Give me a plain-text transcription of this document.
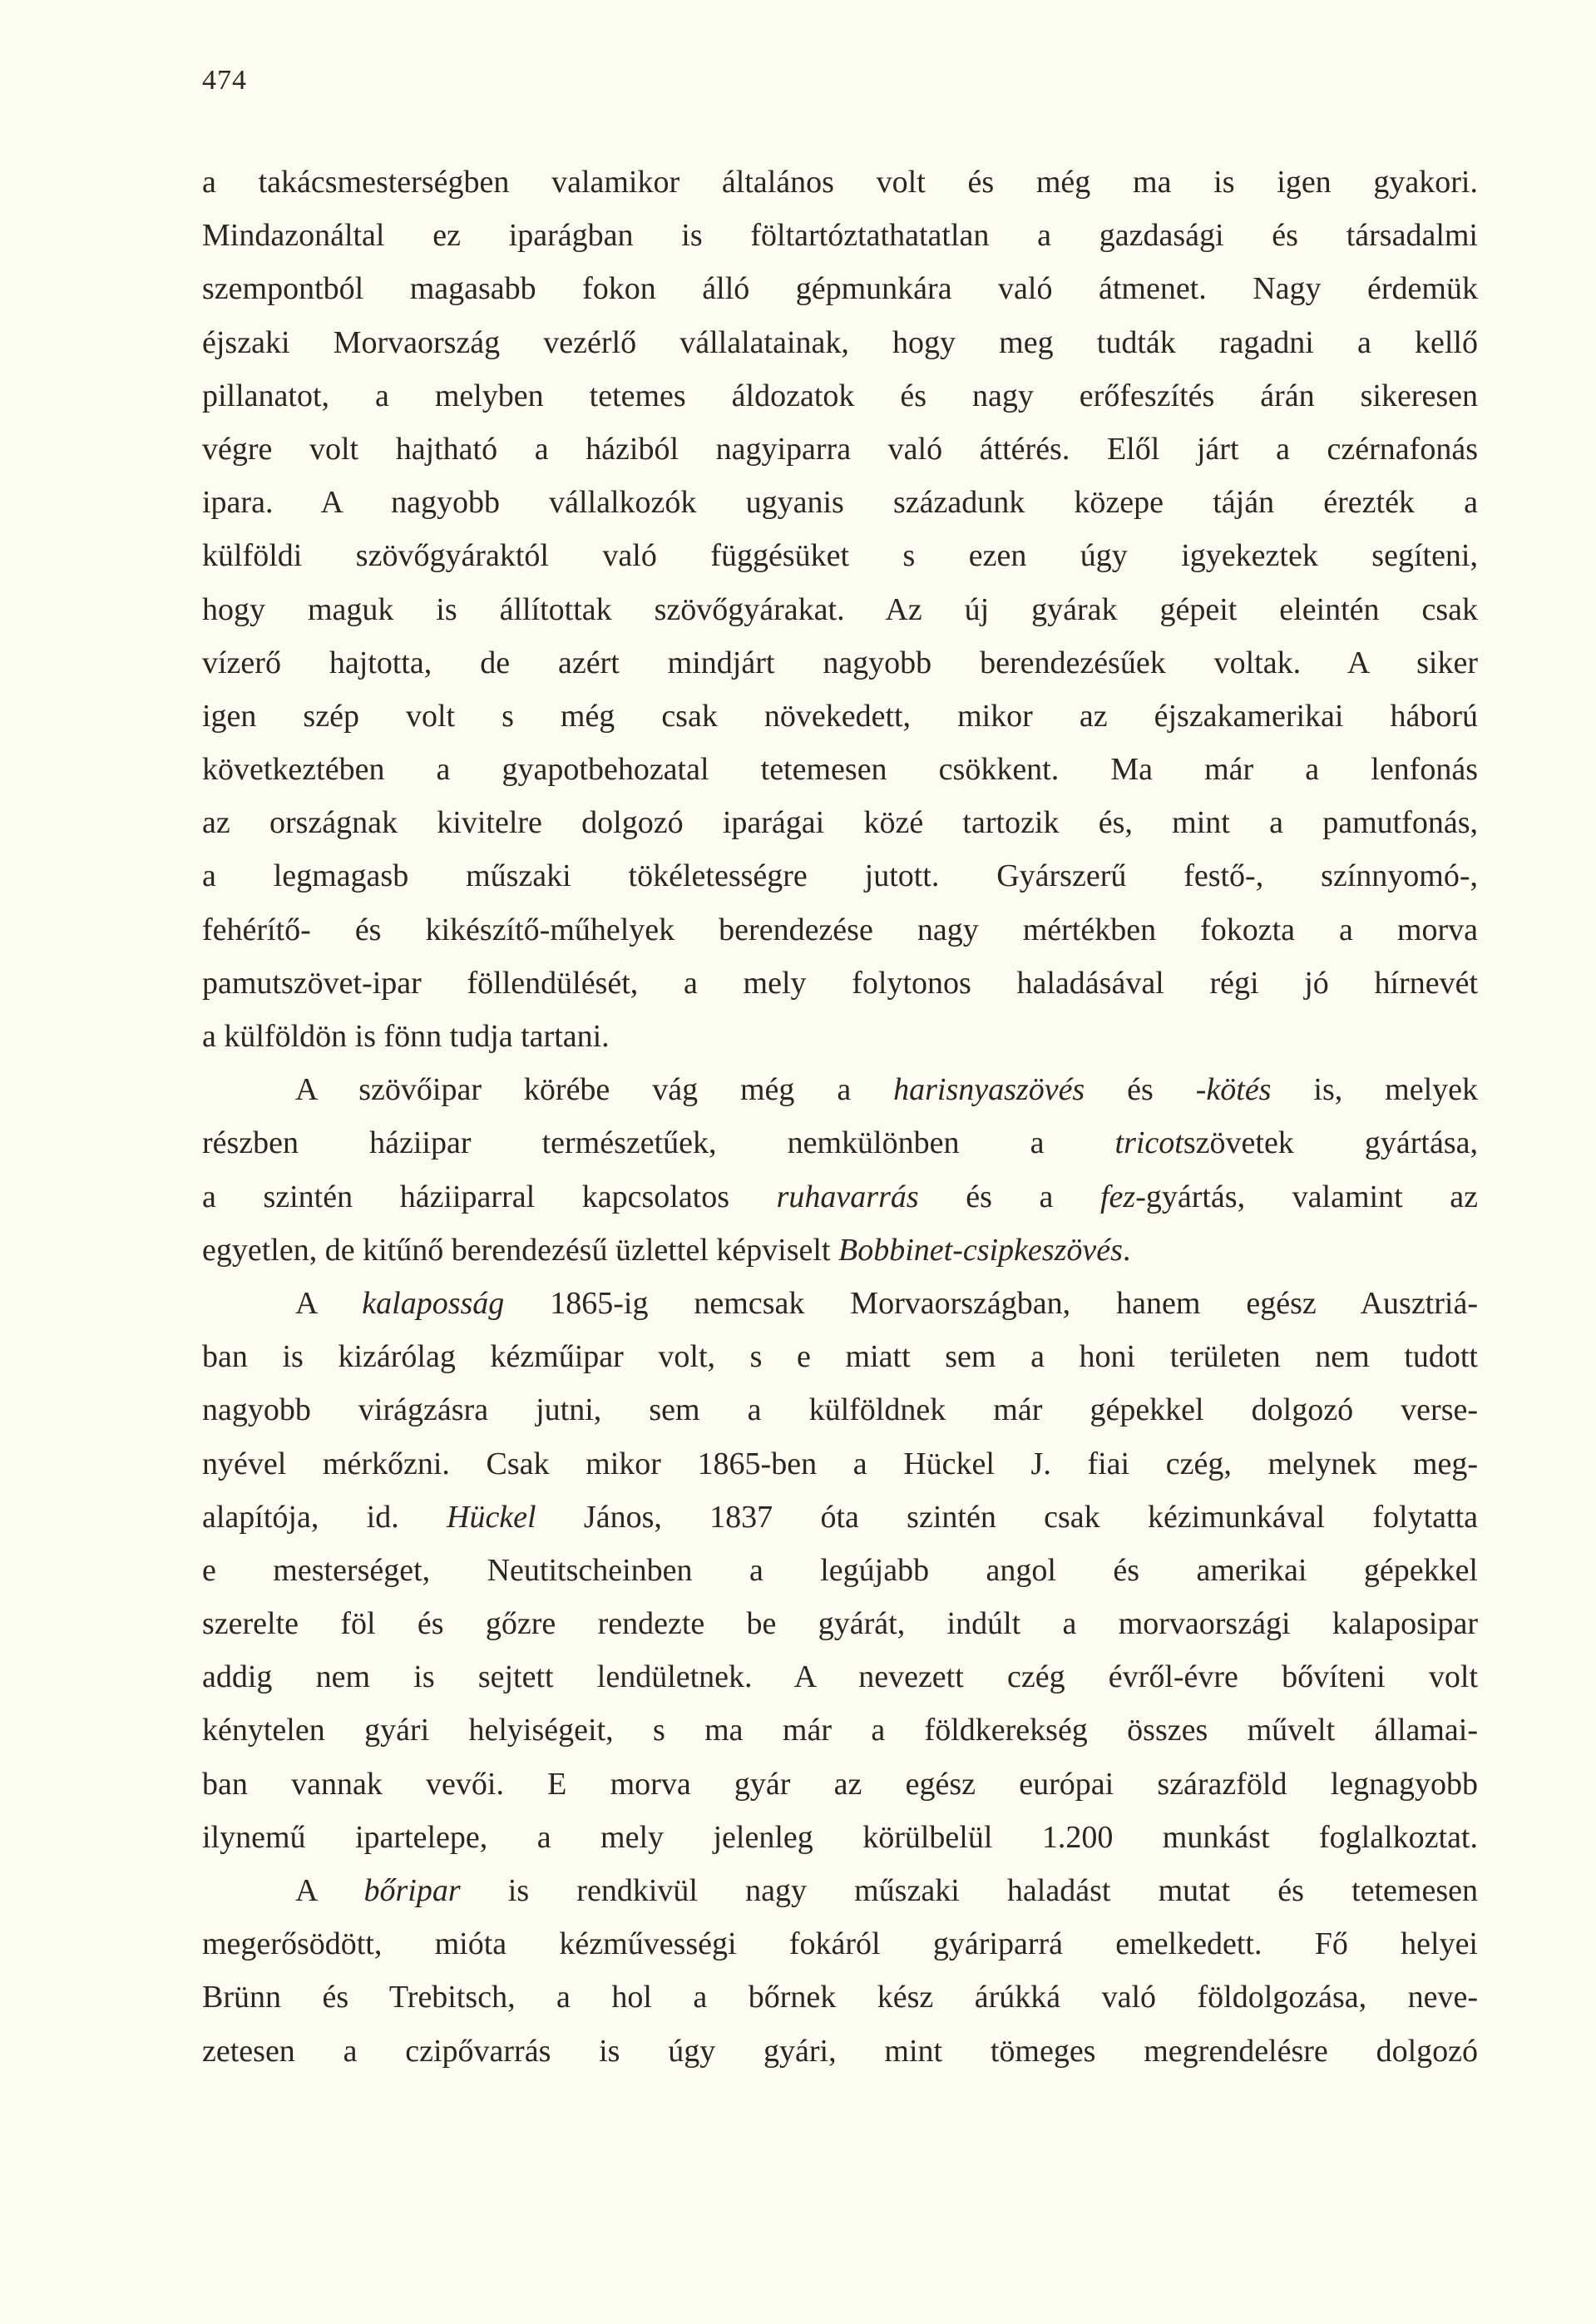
474
a takácsmesterségben valamikor általános volt és még ma is igen gyakori.
Mindazonáltal ez iparágban is föltartóztathatatlan a gazdasági és társadalmi
szempontból magasabb fokon álló gépmunkára való átmenet. Nagy érdemük
éjszaki Morvaország vezérlő vállalatainak, hogy meg tudták ragadni a kellő
pillanatot, a melyben tetemes áldozatok és nagy erőfeszítés árán sikeresen
végre volt hajtható a háziból nagyiparra való áttérés. Elől járt a czérnafonás
ipara. A nagyobb vállalkozók ugyanis századunk közepe táján érezték a
külföldi szövőgyáraktól való függésüket s ezen úgy igyekeztek segíteni,
hogy maguk is állítottak szövőgyárakat. Az új gyárak gépeit eleintén csak
vízerő hajtotta, de azért mindjárt nagyobb berendezésűek voltak. A siker
igen szép volt s még csak növekedett, mikor az éjszakamerikai háború
következtében a gyapotbehozatal tetemesen csökkent. Ma már a lenfonás
az országnak kivitelre dolgozó iparágai közé tartozik és, mint a pamutfonás,
a legmagasb műszaki tökéletességre jutott. Gyárszerű festő-, színnyomó-,
fehérítő- és kikészítő-műhelyek berendezése nagy mértékben fokozta a morva
pamutszövet-ipar föllendülését, a mely folytonos haladásával régi jó hírnevét
a külföldön is fönn tudja tartani.
A szövőipar körébe vág még a harisnyaszövés és -kötés is, melyek
részben háziipar természetűek, nemkülönben a tricotszövetek gyártása,
a szintén háziiparral kapcsolatos ruhavarrás és a fez-gyártás, valamint az
egyetlen, de kitűnő berendezésű üzlettel képviselt Bobbinet-csipkeszövés.
A kalaposság 1865-ig nemcsak Morvaországban, hanem egész Ausztriá-
ban is kizárólag kézműipar volt, s e miatt sem a honi területen nem tudott
nagyobb virágzásra jutni, sem a külföldnek már gépekkel dolgozó verse-
nyével mérkőzni. Csak mikor 1865-ben a Hückel J. fiai czég, melynek meg-
alapítója, id. Hückel János, 1837 óta szintén csak kézimunkával folytatta
e mesterséget, Neutitscheinben a legújabb angol és amerikai gépekkel
szerelte föl és gőzre rendezte be gyárát, indúlt a morvaországi kalaposipar
addig nem is sejtett lendületnek. A nevezett czég évről-évre bővíteni volt
kénytelen gyári helyiségeit, s ma már a földkerekség összes művelt államai-
ban vannak vevői. E morva gyár az egész európai szárazföld legnagyobb
ilynemű ipartelepe, a mely jelenleg körülbelül 1.200 munkást foglalkoztat.
A bőripar is rendkivül nagy műszaki haladást mutat és tetemesen
megerősödött, mióta kézművességi fokáról gyáriparrá emelkedett. Fő helyei
Brünn és Trebitsch, a hol a bőrnek kész árúkká való földolgozása, neve-
zetesen a czipővarrás is úgy gyári, mint tömeges megrendelésre dolgozó
